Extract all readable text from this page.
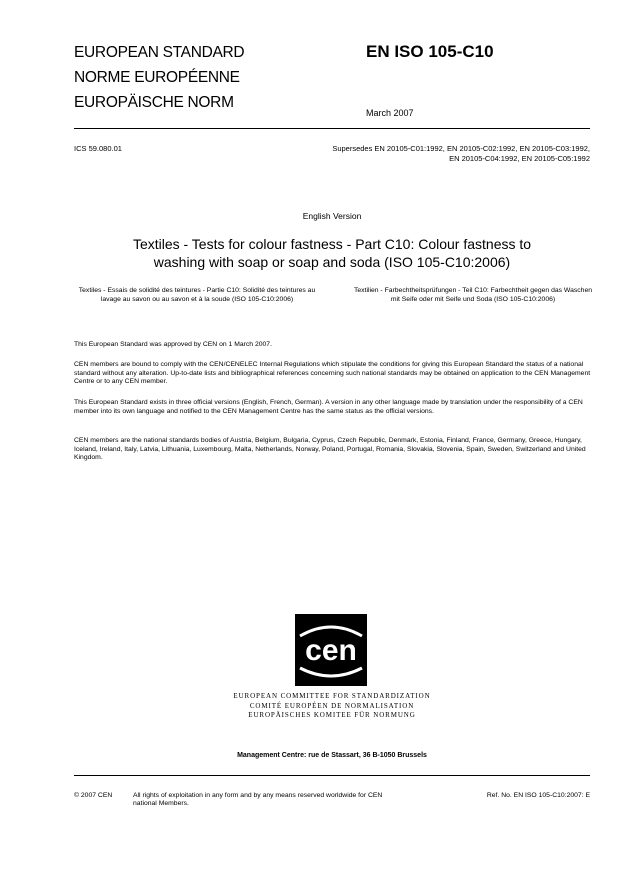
EUROPEAN STANDARD
NORME EUROPÉENNE
EUROPÄISCHE NORM
EN ISO 105-C10
March 2007
ICS 59.080.01	Supersedes EN 20105-C01:1992, EN 20105-C02:1992, EN 20105-C03:1992, EN 20105-C04:1992, EN 20105-C05:1992
English Version
Textiles - Tests for colour fastness - Part C10: Colour fastness to washing with soap or soap and soda (ISO 105-C10:2006)
Textiles - Essais de solidité des teintures - Partie C10: Solidité des teintures au lavage au savon ou au savon et à la soude (ISO 105-C10:2006)
Textilien - Farbechtheitsprüfungen - Teil C10: Farbechtheit gegen das Waschen mit Seife oder mit Seife und Soda (ISO 105-C10:2006)
This European Standard was approved by CEN on 1 March 2007.
CEN members are bound to comply with the CEN/CENELEC Internal Regulations which stipulate the conditions for giving this European Standard the status of a national standard without any alteration. Up-to-date lists and bibliographical references concerning such national standards may be obtained on application to the CEN Management Centre or to any CEN member.
This European Standard exists in three official versions (English, French, German). A version in any other language made by translation under the responsibility of a CEN member into its own language and notified to the CEN Management Centre has the same status as the official versions.
CEN members are the national standards bodies of Austria, Belgium, Bulgaria, Cyprus, Czech Republic, Denmark, Estonia, Finland, France, Germany, Greece, Hungary, Iceland, Ireland, Italy, Latvia, Lithuania, Luxembourg, Malta, Netherlands, Norway, Poland, Portugal, Romania, Slovakia, Slovenia, Spain, Sweden, Switzerland and United Kingdom.
cen
EUROPEAN COMMITTEE FOR STANDARDIZATION
COMITÉ EUROPÉEN DE NORMALISATION
EUROPÄISCHES KOMITEE FÜR NORMUNG
Management Centre: rue de Stassart, 36 B-1050 Brussels
© 2007 CEN	All rights of exploitation in any form and by any means reserved worldwide for CEN national Members.
Ref. No. EN ISO 105-C10:2007: E
